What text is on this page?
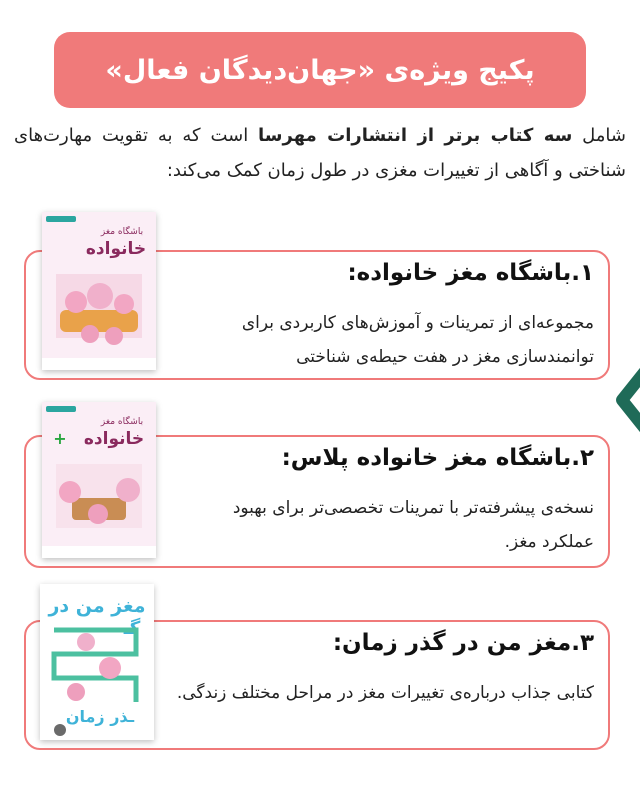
پکیج ویژه‌ی «جهان‌دیدگان فعال»
شامل سه کتاب برتر از انتشارات مهرسا است که به تقویت مهارت‌های شناختی و آگاهی از تغییرات مغزی در طول زمان کمک می‌کند:
۱.باشگاه مغز خانواده:
مجموعه‌ای از تمرینات و آموزش‌های کاربردی برای توانمندسازی مغز در هفت حیطه‌ی شناختی
باشگاه مغز
خانواده
۲.باشگاه مغز خانواده پلاس:
نسخه‌ی پیشرفته‌تر با تمرینات تخصصی‌تر برای بهبود عملکرد مغز.
باشگاه مغز
خانواده
+
۳.مغز من در گذر زمان:
کتابی جذاب درباره‌ی تغییرات مغز در مراحل مختلف زندگی.
مغز من در
گـ
ـذر زمان
